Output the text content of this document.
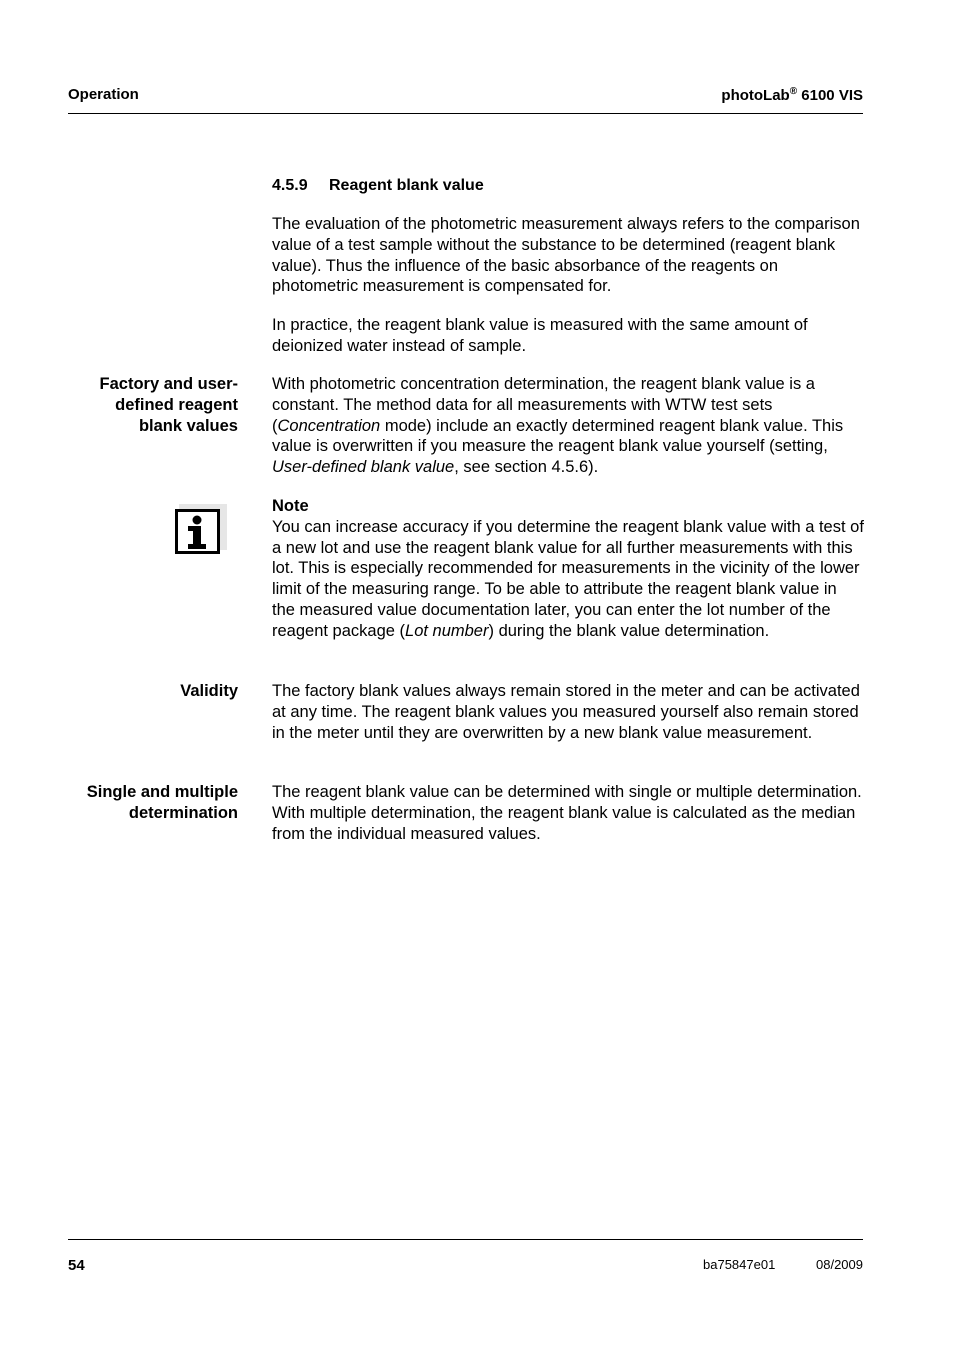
Operation	photoLab® 6100 VIS
4.5.9 Reagent blank value

The evaluation of the photometric measurement always refers to the comparison value of a test sample without the substance to be determined (reagent blank value). Thus the influence of the basic absorbance of the reagents on photometric measurement is compensated for.

In practice, the reagent blank value is measured with the same amount of deionized water instead of sample.

Factory and user-
defined reagent
blank values

With photometric concentration determination, the reagent blank value is a constant. The method data for all measurements with WTW test sets (Concentration mode) include an exactly determined reagent blank value. This value is overwritten if you measure the reagent blank value yourself (setting, User-defined blank value, see section 4.5.6).

Note
You can increase accuracy if you determine the reagent blank value with a test of a new lot and use the reagent blank value for all further measurements with this lot. This is especially recommended for measurements in the vicinity of the lower limit of the measuring range. To be able to attribute the reagent blank value in the measured value documentation later, you can enter the lot number of the reagent package (Lot number) during the blank value determination.

Validity The factory blank values always remain stored in the meter and can be activated at any time. The reagent blank values you measured yourself also remain stored in the meter until they are overwritten by a new blank value measurement.

Single and multiple
determination

The reagent blank value can be determined with single or multiple determination. With multiple determination, the reagent blank value is calculated as the median from the individual measured values.

54	ba75847e01	08/2009
